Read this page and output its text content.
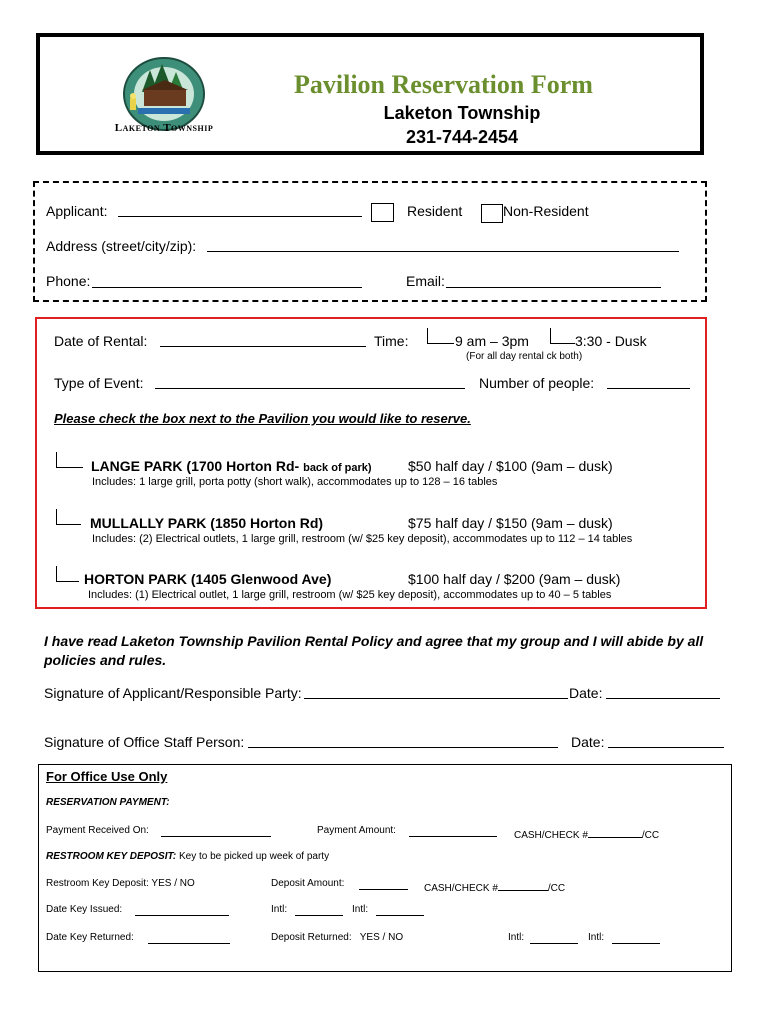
Laketon Township
Pavilion Reservation Form
Laketon Township
231-744-2454
Applicant:	Resident	Non-Resident
Address (street/city/zip):
Phone:	Email:
Date of Rental:	Time:	9 am – 3pm	3:30 - Dusk
(For all day rental ck both)
Type of Event:	Number of people:
Please check the box next to the Pavilion you would like to reserve.
LANGE PARK (1700 Horton Rd- back of park)	$50 half day / $100 (9am – dusk)
Includes: 1 large grill, porta potty (short walk), accommodates up to 128 – 16 tables
MULLALLY PARK (1850 Horton Rd)	$75 half day / $150 (9am – dusk)
Includes: (2) Electrical outlets, 1 large grill, restroom (w/ $25 key deposit), accommodates up to 112 – 14 tables
HORTON PARK (1405 Glenwood Ave)	$100 half day / $200 (9am – dusk)
Includes: (1) Electrical outlet, 1 large grill, restroom (w/ $25 key deposit), accommodates up to 40 – 5 tables
I have read Laketon Township Pavilion Rental Policy and agree that my group and I will abide by all policies and rules.
Signature of Applicant/Responsible Party:	Date:
Signature of Office Staff Person:	Date:
For Office Use Only
RESERVATION PAYMENT:
Payment Received On:	Payment Amount:	CASH/CHECK #	/CC
RESTROOM KEY DEPOSIT: Key to be picked up week of party
Restroom Key Deposit: YES / NO	Deposit Amount:	CASH/CHECK #	/CC
Date Key Issued:	Intl:	Intl:
Date Key Returned:	Deposit Returned:   YES / NO	Intl:	Intl:
